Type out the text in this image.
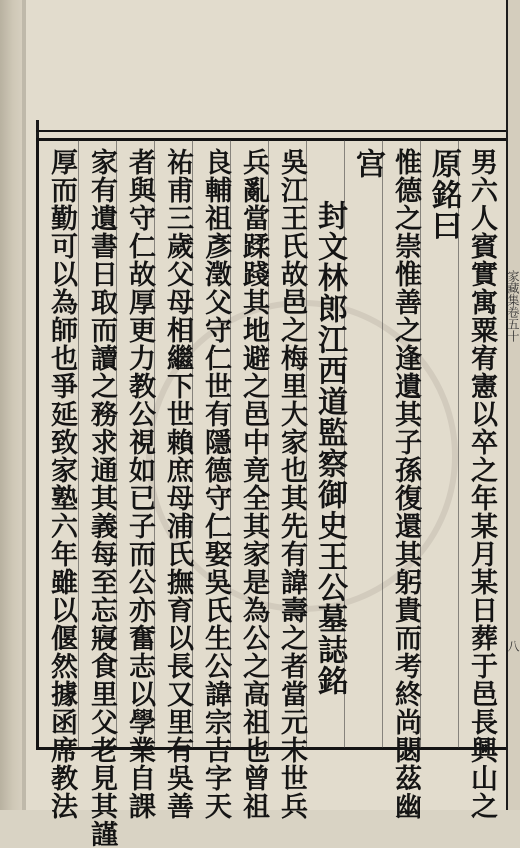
男六人賓實寓粟宥憲以卒之年某月某日葬于邑長興山之
原銘曰
惟德之崇惟善之逢遺其子孫復還其躬貴而考終尚閟茲幽
宫
封文林郎江西道監察御史王公墓誌銘
吳江王氏故邑之梅里大家也其先有諱壽之者當元末世兵
兵亂當蹂踐其地避之邑中竟全其家是為公之高祖也曾祖
良輔祖彥澂父守仁世有隱德守仁娶吳氏生公諱宗吉字天
祐甫三歲父母相繼下世賴庶母浦氏撫育以長又里有吳善
者與守仁故厚更力教公視如已子而公亦奮志以學業自課
家有遺書日取而讀之務求通其義每至忘寢食里父老見其謹
厚而勤可以為師也爭延致家塾六年雖以偃然據函席教法	家藏集卷五十
八
